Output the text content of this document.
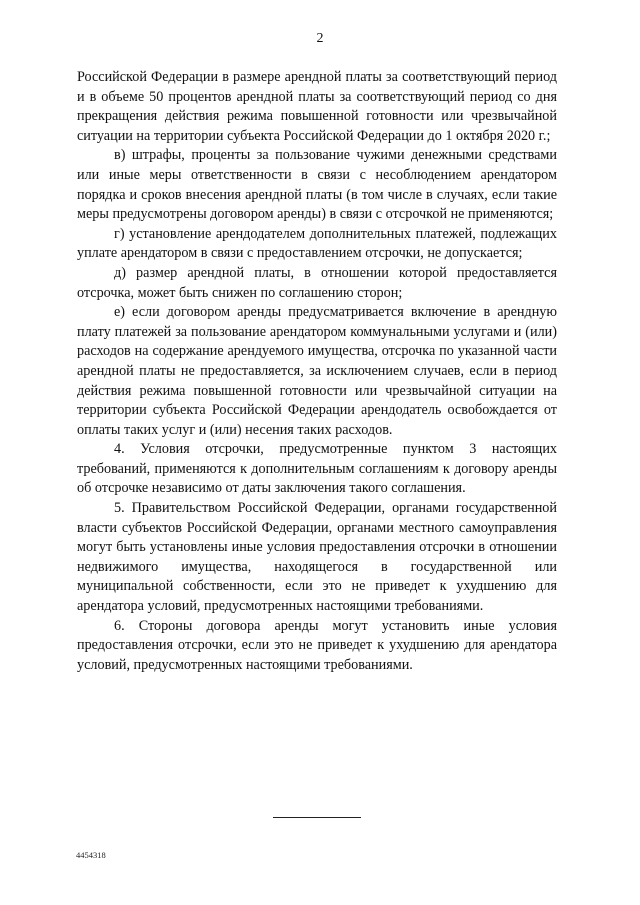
2

Российской Федерации в размере арендной платы за соответствующий период и в объеме 50 процентов арендной платы за соответствующий период со дня прекращения действия режима повышенной готовности или чрезвычайной ситуации на территории субъекта Российской Федерации до 1 октября 2020 г.;

в) штрафы, проценты за пользование чужими денежными средствами или иные меры ответственности в связи с несоблюдением арендатором порядка и сроков внесения арендной платы (в том числе в случаях, если такие меры предусмотрены договором аренды) в связи с отсрочкой не применяются;

г) установление арендодателем дополнительных платежей, подлежащих уплате арендатором в связи с предоставлением отсрочки, не допускается;

д) размер арендной платы, в отношении которой предоставляется отсрочка, может быть снижен по соглашению сторон;

е) если договором аренды предусматривается включение в арендную плату платежей за пользование арендатором коммунальными услугами и (или) расходов на содержание арендуемого имущества, отсрочка по указанной части арендной платы не предоставляется, за исключением случаев, если в период действия режима повышенной готовности или чрезвычайной ситуации на территории субъекта Российской Федерации арендодатель освобождается от оплаты таких услуг и (или) несения таких расходов.

4. Условия отсрочки, предусмотренные пунктом 3 настоящих требований, применяются к дополнительным соглашениям к договору аренды об отсрочке независимо от даты заключения такого соглашения.

5. Правительством Российской Федерации, органами государственной власти субъектов Российской Федерации, органами местного самоуправления могут быть установлены иные условия предоставления отсрочки в отношении недвижимого имущества, находящегося в государственной или муниципальной собственности, если это не приведет к ухудшению для арендатора условий, предусмотренных настоящими требованиями.

6. Стороны договора аренды могут установить иные условия предоставления отсрочки, если это не приведет к ухудшению для арендатора условий, предусмотренных настоящими требованиями.

4454318
